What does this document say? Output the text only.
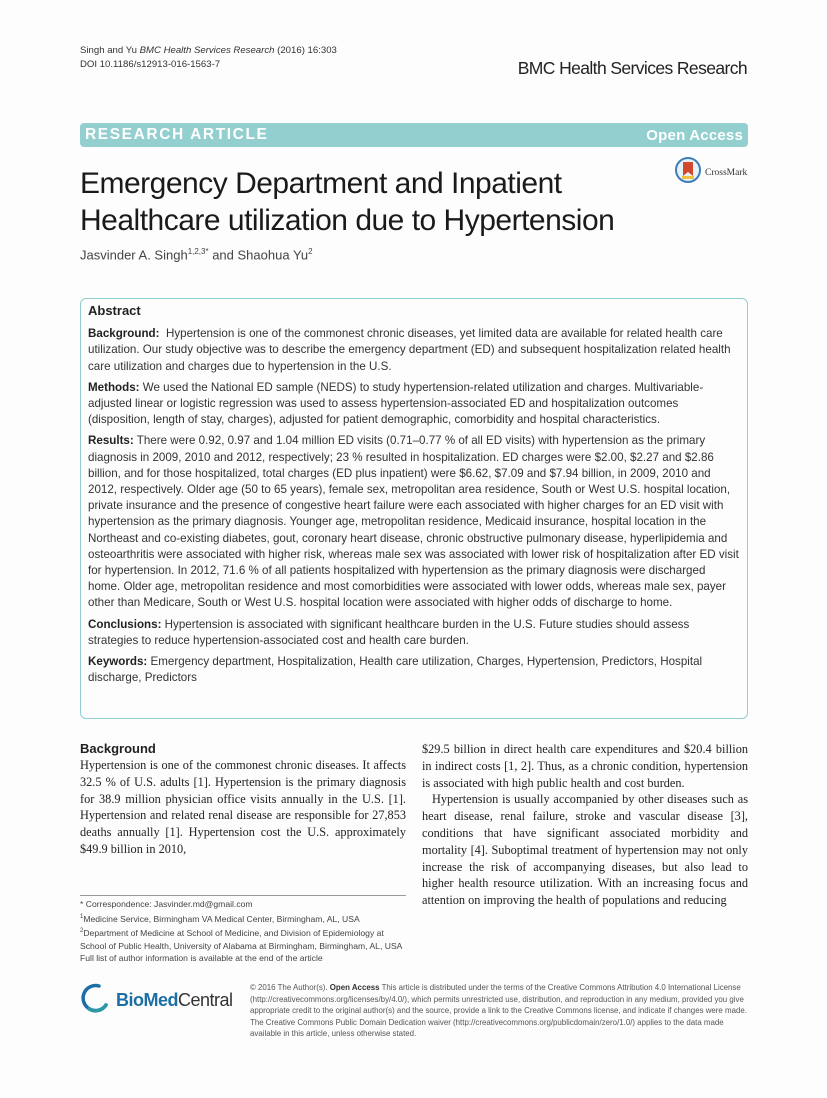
Singh and Yu BMC Health Services Research (2016) 16:303
DOI 10.1186/s12913-016-1563-7	BMC Health Services Research
RESEARCH ARTICLE	Open Access
CrossMark
Emergency Department and Inpatient
Healthcare utilization due to Hypertension
Jasvinder A. Singh$^{1,2,3*}$ and Shaohua Yu$^2$
Abstract

Background: Hypertension is one of the commonest chronic diseases, yet limited data are available for related health care utilization. Our study objective was to describe the emergency department (ED) and subsequent hospitalization related health care utilization and charges due to hypertension in the U.S.

Methods: We used the National ED sample (NEDS) to study hypertension-related utilization and charges. Multivariable-adjusted linear or logistic regression was used to assess hypertension-associated ED and hospitalization outcomes (disposition, length of stay, charges), adjusted for patient demographic, comorbidity and hospital characteristics.

Results: There were 0.92, 0.97 and 1.04 million ED visits (0.71–0.77 % of all ED visits) with hypertension as the primary diagnosis in 2009, 2010 and 2012, respectively; 23 % resulted in hospitalization. ED charges were $2.00, $2.27 and $2.86 billion, and for those hospitalized, total charges (ED plus inpatient) were $6.62, $7.09 and $7.94 billion, in 2009, 2010 and 2012, respectively. Older age (50 to 65 years), female sex, metropolitan area residence, South or West U.S. hospital location, private insurance and the presence of congestive heart failure were each associated with higher charges for an ED visit with hypertension as the primary diagnosis. Younger age, metropolitan residence, Medicaid insurance, hospital location in the Northeast and co-existing diabetes, gout, coronary heart disease, chronic obstructive pulmonary disease, hyperlipidemia and osteoarthritis were associated with higher risk, whereas male sex was associated with lower risk of hospitalization after ED visit for hypertension. In 2012, 71.6 % of all patients hospitalized with hypertension as the primary diagnosis were discharged home. Older age, metropolitan residence and most comorbidities were associated with lower odds, whereas male sex, payer other than Medicare, South or West U.S. hospital location were associated with higher odds of discharge to home.

Conclusions: Hypertension is associated with significant healthcare burden in the U.S. Future studies should assess strategies to reduce hypertension-associated cost and health care burden.

Keywords: Emergency department, Hospitalization, Health care utilization, Charges, Hypertension, Predictors, Hospital discharge, Predictors

Background

Hypertension is one of the commonest chronic diseases. It affects 32.5 % of U.S. adults [1]. Hypertension is the primary diagnosis for 38.9 million physician office visits annually in the U.S. [1]. Hypertension and related renal disease are responsible for 27,853 deaths annually [1]. Hypertension cost the U.S. approximately $49.9 billion in 2010,

$29.5 billion in direct health care expenditures and $20.4 billion in indirect costs [1, 2]. Thus, as a chronic condition, hypertension is associated with high public health and cost burden.

Hypertension is usually accompanied by other diseases such as heart disease, renal failure, stroke and vascular disease [3], conditions that have significant associated morbidity and mortality [4]. Suboptimal treatment of hypertension may not only increase the risk of accompanying diseases, but also lead to higher health resource utilization. With an increasing focus and attention on improving the health of populations and reducing

* Correspondence: Jasvinder.md@gmail.com
$^1$Medicine Service, Birmingham VA Medical Center, Birmingham, AL, USA
$^2$Department of Medicine at School of Medicine, and Division of Epidemiology at School of Public Health, University of Alabama at Birmingham, Birmingham, AL, USA
Full list of author information is available at the end of the article
BioMedCentral
© 2016 The Author(s). Open Access This article is distributed under the terms of the Creative Commons Attribution 4.0 International License (http://creativecommons.org/licenses/by/4.0/), which permits unrestricted use, distribution, and reproduction in any medium, provided you give appropriate credit to the original author(s) and the source, provide a link to the Creative Commons license, and indicate if changes were made. The Creative Commons Public Domain Dedication waiver (http://creativecommons.org/publicdomain/zero/1.0/) applies to the data made available in this article, unless otherwise stated.
